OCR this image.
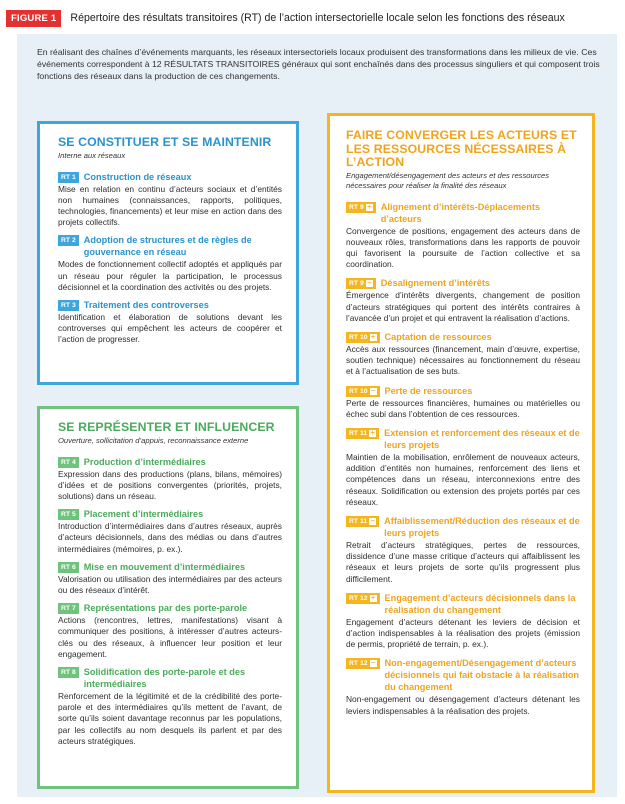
FIGURE 1	Répertoire des résultats transitoires (RT) de l’action intersectorielle locale selon les fonctions des réseaux

En réalisant des chaînes d’événements marquants, les réseaux intersectoriels locaux produisent des transformations dans les milieux de vie. Ces événements correspondent à 12 RÉSULTATS TRANSITOIRES généraux qui sont enchaînés dans des processus singuliers et qui composent trois fonctions des réseaux dans la production de ces changements.

SE CONSTITUER ET SE MAINTENIR
Interne aux réseaux
RT 1 Construction de réseaux
Mise en relation en continu d’acteurs sociaux et d’entités non humaines (connaissances, rapports, politiques, technologies, financements) et leur mise en action dans des projets collectifs.
RT 2 Adoption de structures et de règles de gouvernance en réseau
Modes de fonctionnement collectif adoptés et appliqués par un réseau pour réguler la participation, le processus décisionnel et la coordination des activités ou des projets.
RT 3 Traitement des controverses
Identification et élaboration de solutions devant les controverses qui empêchent les acteurs de coopérer et l’action de progresser.
SE REPRÉSENTER ET INFLUENCER
Ouverture, sollicitation d’appuis, reconnaissance externe
RT 4 Production d’intermédiaires
Expression dans des productions (plans, bilans, mémoires) d’idées et de positions convergentes (priorités, projets, solutions) dans un réseau.
RT 5 Placement d’intermédiaires
Introduction d’intermédiaires dans d’autres réseaux, auprès d’acteurs décisionnels, dans des médias ou dans d’autres intermédiaires (mémoires, p. ex.).
RT 6 Mise en mouvement d’intermédiaires
Valorisation ou utilisation des intermédiaires par des acteurs ou des réseaux d’intérêt.
RT 7 Représentations par des porte-parole
Actions (rencontres, lettres, manifestations) visant à communiquer des positions, à intéresser d’autres acteurs-clés ou des réseaux, à influencer leur position et leur engagement.
RT 8 Solidification des porte-parole et des intermédiaires
Renforcement de la légitimité et de la crédibilité des porte-parole et des intermédiaires qu’ils mettent de l’avant, de sorte qu’ils soient davantage reconnus par les populations, par les collectifs au nom desquels ils parlent et par des acteurs stratégiques.
FAIRE CONVERGER LES ACTEURS ET LES RESSOURCES NÉCESSAIRES À L’ACTION
Engagement/désengagement des acteurs et des ressources nécessaires pour réaliser la finalité des réseaux
RT 9 + Alignement d’intérêts-Déplacements d’acteurs
Convergence de positions, engagement des acteurs dans de nouveaux rôles, transformations dans les rapports de pouvoir qui favorisent la poursuite de l’action collective et sa coordination.
RT 9 − Désalignement d’intérêts
Émergence d’intérêts divergents, changement de position d’acteurs stratégiques qui portent des intérêts contraires à l’avancée d’un projet et qui entravent la réalisation d’actions.
RT 10 + Captation de ressources
Accès aux ressources (financement, main d’œuvre, expertise, soutien technique) nécessaires au fonctionnement du réseau et à l’actualisation de ses buts.
RT 10 − Perte de ressources
Perte de ressources financières, humaines ou matérielles ou échec subi dans l’obtention de ces ressources.
RT 11 + Extension et renforcement des réseaux et de leurs projets
Maintien de la mobilisation, enrôlement de nouveaux acteurs, addition d’entités non humaines, renforcement des liens et compétences dans un réseau, interconnexions entre des réseaux. Solidification ou extension des projets portés par ces réseaux.
RT 11 − Affaiblissement/Réduction des réseaux et de leurs projets
Retrait d’acteurs stratégiques, pertes de ressources, dissidence d’une masse critique d’acteurs qui affaiblissent les réseaux et leurs projets de sorte qu’ils progressent plus difficilement.
RT 12 + Engagement d’acteurs décisionnels dans la réalisation du changement
Engagement d’acteurs détenant les leviers de décision et d’action indispensables à la réalisation des projets (émission de permis, propriété de terrain, p. ex.).
RT 12 − Non-engagement/Désengagement d’acteurs décisionnels qui fait obstacle à la réalisation du changement
Non-engagement ou désengagement d’acteurs détenant les leviers indispensables à la réalisation des projets.
